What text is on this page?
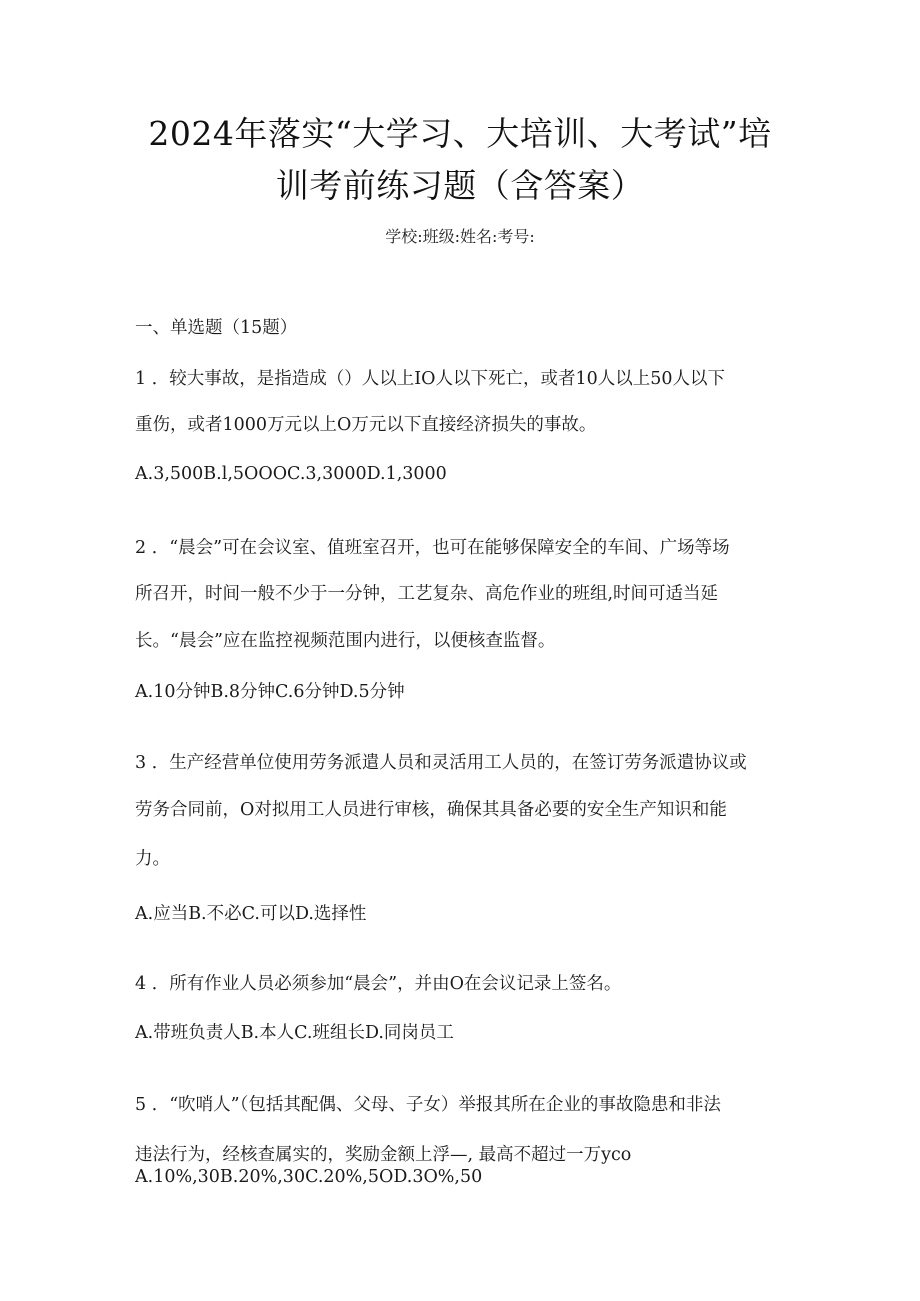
2024年落实“大学习、大培训、大考试”培
训考前练习题（含答案）
学校:班级:姓名:考号:
一、单选题（15题）
1 ．较大事故，是指造成（）人以上IO人以下死亡，或者10人以上50人以下
重伤，或者1000万元以上O万元以下直接经济损失的事故。
A.3,500B.l,5OOOC.3,3000D.1,3000
2 ．“晨会”可在会议室、值班室召开，也可在能够保障安全的车间、广场等场
所召开，时间一般不少于一分钟，工艺复杂、高危作业的班组,时间可适当延
长。“晨会”应在监控视频范围内进行，以便核查监督。
A.10分钟B.8分钟C.6分钟D.5分钟
3 ．生产经营单位使用劳务派遣人员和灵活用工人员的，在签订劳务派遣协议或
劳务合同前，O对拟用工人员进行审核，确保其具备必要的安全生产知识和能
力。
A.应当B.不必C.可以D.选择性
4 ．所有作业人员必须参加“晨会”，并由O在会议记录上签名。
A.带班负责人B.本人C.班组长D.同岗员工
5 ．“吹哨人”（包括其配偶、父母、子女）举报其所在企业的事故隐患和非法
违法行为，经核查属实的，奖励金额上浮—, 最高不超过一万yco
A.10%,30B.20%,30C.20%,5OD.3O%,50
